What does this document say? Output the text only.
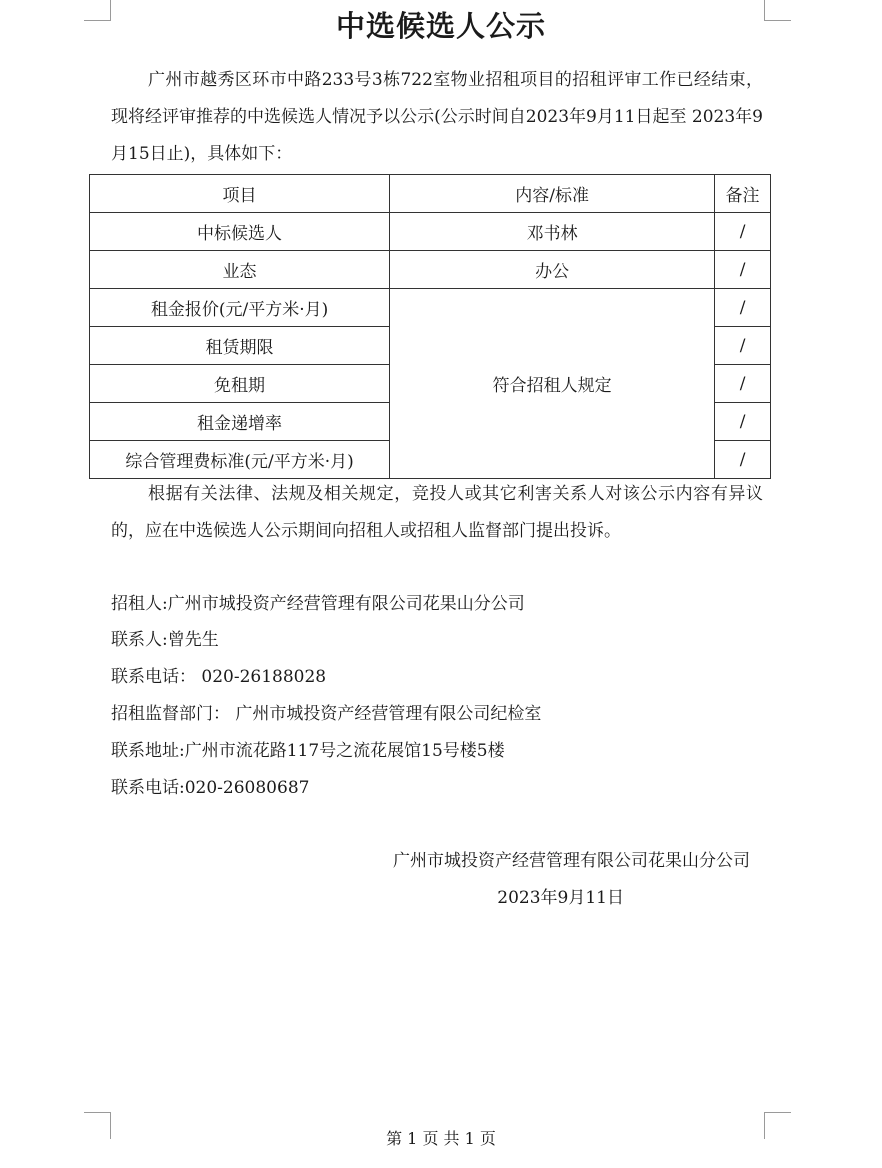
中选候选人公示

广州市越秀区环市中路233号3栋722室物业招租项目的招租评审工作已经结束，现将经评审推荐的中选候选人情况予以公示(公示时间自2023年9月11日起至 2023年9月15日止)，具体如下：

项目	内容/标准	备注
中标候选人	邓书林	/
业态	办公	/
租金报价(元/平方米·月)	符合招租人规定	/
租赁期限		/
免租期		/
租金递增率		/
综合管理费标准(元/平方米·月)		/

根据有关法律、法规及相关规定，竞投人或其它利害关系人对该公示内容有异议的，应在中选候选人公示期间向招租人或招租人监督部门提出投诉。

招租人:广州市城投资产经营管理有限公司花果山分公司
联系人:曾先生
联系电话： 020-26188028
招租监督部门： 广州市城投资产经营管理有限公司纪检室
联系地址:广州市流花路117号之流花展馆15号楼5楼
联系电话:020-26080687
广州市城投资产经营管理有限公司花果山分公司
2023年9月11日
第 1 页 共 1 页
